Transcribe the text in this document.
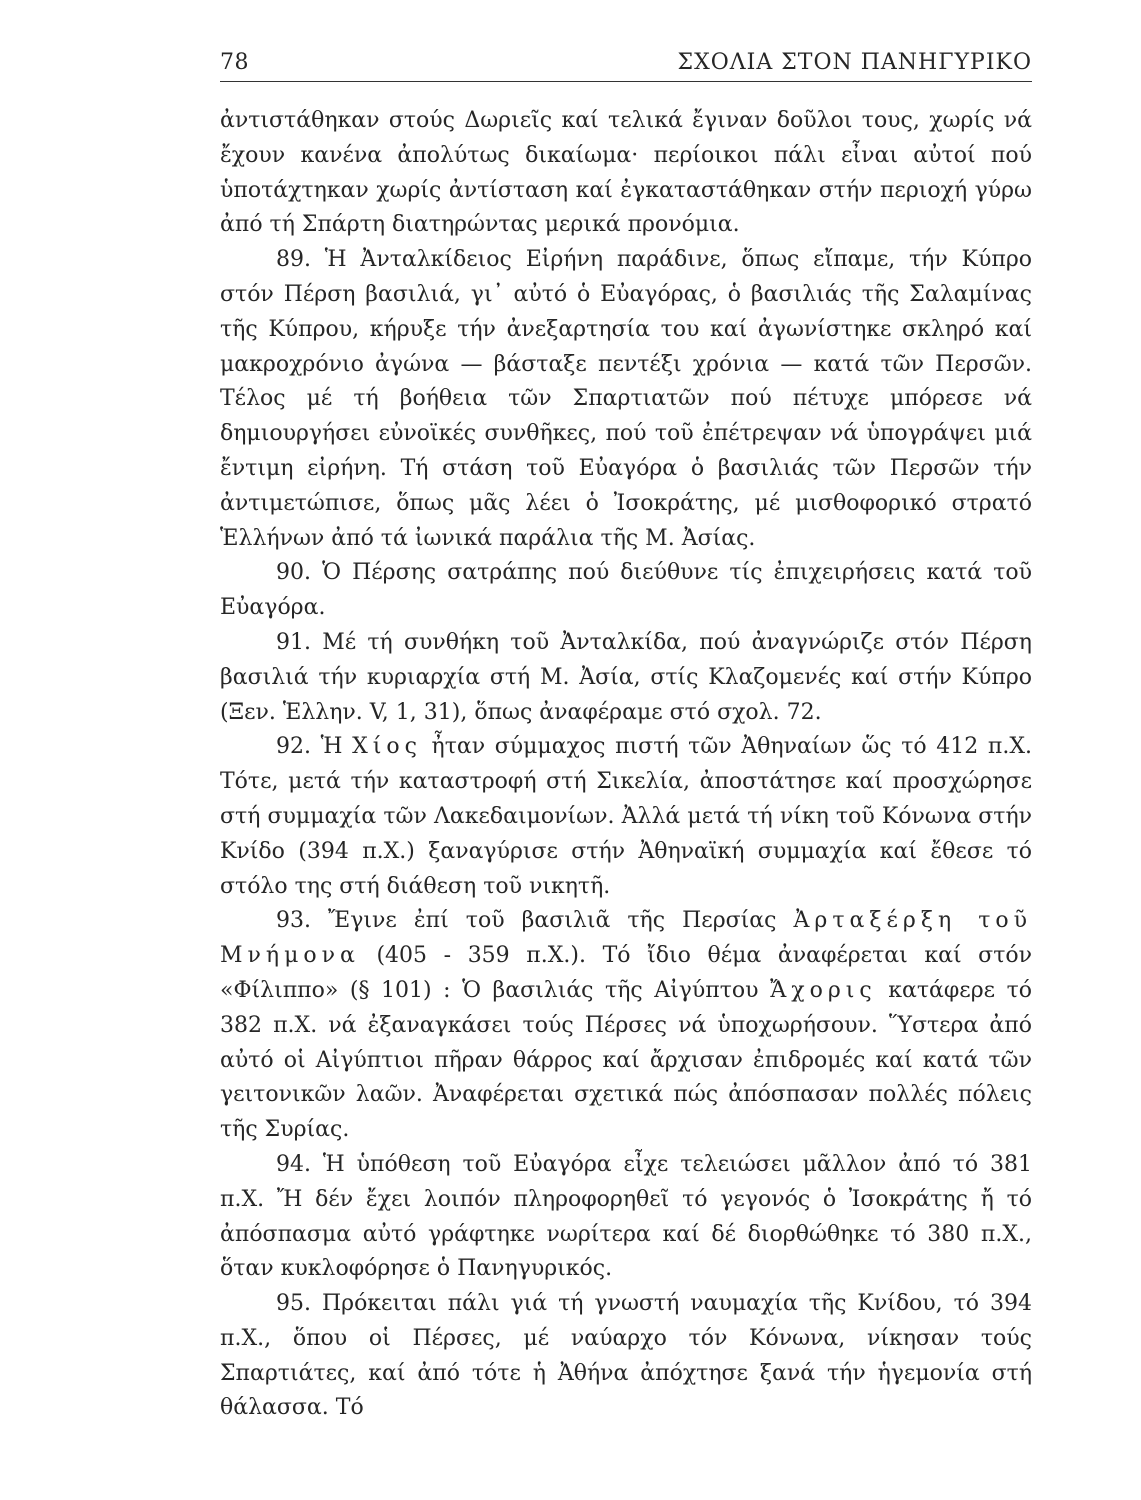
78	ΣΧΟΛΙΑ ΣΤΟΝ ΠΑΝΗΓΥΡΙΚΟ

ἀντιστάθηκαν στούς Δωριεῖς καί τελικά ἔγιναν δοῦλοι τους, χωρίς νά ἔχουν κανένα ἀπολύτως δικαίωμα· περίοικοι πάλι εἶναι αὐτοί πού ὑποτάχτηκαν χωρίς ἀντίσταση καί ἐγκαταστάθηκαν στήν περιοχή γύρω ἀπό τή Σπάρτη διατηρώντας μερικά προνόμια.

89. Ἡ Ἀνταλκίδειος Εἰρήνη παράδινε, ὅπως εἴπαμε, τήν Κύπρο στόν Πέρση βασιλιά, γι᾽ αὐτό ὁ Εὐαγόρας, ὁ βασιλιάς τῆς Σαλαμίνας τῆς Κύπρου, κήρυξε τήν ἀνεξαρτησία του καί ἀγωνίστηκε σκληρό καί μακροχρόνιο ἀγώνα — βάσταξε πεντέξι χρόνια — κατά τῶν Περσῶν. Τέλος μέ τή βοήθεια τῶν Σπαρτιατῶν πού πέτυχε μπόρεσε νά δημιουργήσει εὐνοϊκές συνθῆκες, πού τοῦ ἐπέτρεψαν νά ὑπογράψει μιά ἔντιμη εἰρήνη. Τή στάση τοῦ Εὐαγόρα ὁ βασιλιάς τῶν Περσῶν τήν ἀντιμετώπισε, ὅπως μᾶς λέει ὁ Ἰσοκράτης, μέ μισθοφορικό στρατό Ἑλλήνων ἀπό τά ἰωνικά παράλια τῆς Μ. Ἀσίας.

90. Ὁ Πέρσης σατράπης πού διεύθυνε τίς ἐπιχειρήσεις κατά τοῦ Εὐαγόρα.

91. Μέ τή συνθήκη τοῦ Ἀνταλκίδα, πού ἀναγνώριζε στόν Πέρση βασιλιά τήν κυριαρχία στή Μ. Ἀσία, στίς Κλαζομενές καί στήν Κύπρο (Ξεν. Ἑλλην. V, 1, 31), ὅπως ἀναφέραμε στό σχολ. 72.

92. Ἡ Χίος ἦταν σύμμαχος πιστή τῶν Ἀθηναίων ὥς τό 412 π.Χ. Τότε, μετά τήν καταστροφή στή Σικελία, ἀποστάτησε καί προσχώρησε στή συμμαχία τῶν Λακεδαιμονίων. Ἀλλά μετά τή νίκη τοῦ Κόνωνα στήν Κνίδο (394 π.Χ.) ξαναγύρισε στήν Ἀθηναϊκή συμμαχία καί ἔθεσε τό στόλο της στή διάθεση τοῦ νικητῆ.

93. Ἔγινε ἐπί τοῦ βασιλιᾶ τῆς Περσίας Ἀρταξέρξη τοῦ Μνήμονα (405 - 359 π.Χ.). Τό ἴδιο θέμα ἀναφέρεται καί στόν «Φίλιππο» (§ 101) : Ὁ βασιλιάς τῆς Αἰγύπτου Ἄχορις κατάφερε τό 382 π.Χ. νά ἐξαναγκάσει τούς Πέρσες νά ὑποχωρήσουν. Ὕστερα ἀπό αὐτό οἱ Αἰγύπτιοι πῆραν θάρρος καί ἄρχισαν ἐπιδρομές καί κατά τῶν γειτονικῶν λαῶν. Ἀναφέρεται σχετικά πώς ἀπόσπασαν πολλές πόλεις τῆς Συρίας.

94. Ἡ ὑπόθεση τοῦ Εὐαγόρα εἶχε τελειώσει μᾶλλον ἀπό τό 381 π.Χ. Ἤ δέν ἔχει λοιπόν πληροφορηθεῖ τό γεγονός ὁ Ἰσοκράτης ἤ τό ἀπόσπασμα αὐτό γράφτηκε νωρίτερα καί δέ διορθώθηκε τό 380 π.Χ., ὅταν κυκλοφόρησε ὁ Πανηγυρικός.

95. Πρόκειται πάλι γιά τή γνωστή ναυμαχία τῆς Κνίδου, τό 394 π.Χ., ὅπου οἱ Πέρσες, μέ ναύαρχο τόν Κόνωνα, νίκησαν τούς Σπαρτιάτες, καί ἀπό τότε ἡ Ἀθήνα ἀπόχτησε ξανά τήν ἡγεμονία στή θάλασσα. Τό
